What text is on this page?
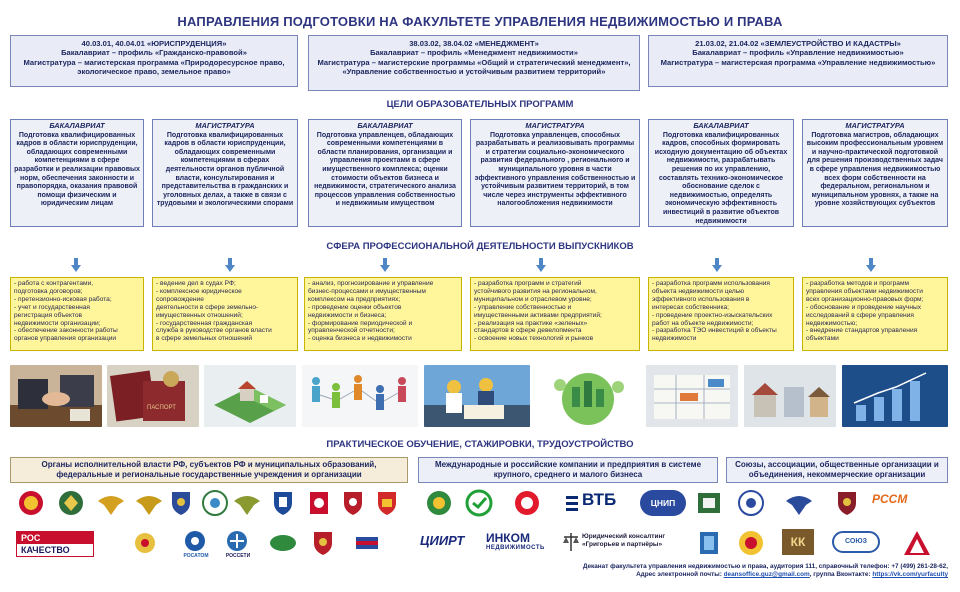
НАПРАВЛЕНИЯ ПОДГОТОВКИ НА ФАКУЛЬТЕТЕ УПРАВЛЕНИЯ НЕДВИЖИМОСТЬЮ И ПРАВА
40.03.01, 40.04.01 «ЮРИСПРУДЕНЦИЯ»
Бакалавриат – профиль «Гражданско-правовой»
Магистратура – магистерская программа «Природоресурсное право, экологическое право, земельное право»
38.03.02, 38.04.02 «МЕНЕДЖМЕНТ»
Бакалавриат – профиль «Менеджмент недвижимости»
Магистратура – магистерские программы «Общий и стратегический менеджмент», «Управление собственностью и устойчивым развитием территорий»
21.03.02, 21.04.02 «ЗЕМЛЕУСТРОЙСТВО И КАДАСТРЫ»
Бакалавриат – профиль «Управление недвижимостью»
Магистратура – магистерская программа «Управление недвижимостью»
ЦЕЛИ ОБРАЗОВАТЕЛЬНЫХ ПРОГРАММ
БАКАЛАВРИАТ
Подготовка квалифицированных кадров в области юриспруденции, обладающих современными компетенциями в сфере разработки и реализации правовых норм, обеспечения законности и правопорядка, оказания правовой помощи физическим и юридическим лицам
МАГИСТРАТУРА
Подготовка квалифицированных кадров в области юриспруденции, обладающих современными компетенциями в сферах деятельности органов публичной власти, консультирования и представительства в гражданских и уголовных делах, а также в связи с трудовыми и экологическими спорами
БАКАЛАВРИАТ
Подготовка управленцев, обладающих современными компетенциями в области планирования, организации и управления проектами в сфере имущественного комплекса; оценки стоимости объектов бизнеса и недвижимости, стратегического анализа процессов управления собственностью и недвижимым имуществом
МАГИСТРАТУРА
Подготовка управленцев, способных разрабатывать и реализовывать программы и стратегии социально-экономического развития федерального , регионального и муниципального уровня в части эффективного управления собственностью и устойчивым развитием территорий, в том числе через инструменты эффективного налогообложения недвижимости
БАКАЛАВРИАТ
Подготовка квалифицированных кадров, способных формировать исходную документацию об объектах недвижимости, разрабатывать решения по их управлению, составлять технико-экономическое обоснование сделок с недвижимостью, определять экономическую эффективность инвестиций в развитие объектов недвижимости
МАГИСТРАТУРА
Подготовка магистров, обладающих высоким профессиональным уровнем и научно-практической подготовкой для решения производственных задач в сфере управления недвижимостью всех форм собственности на федеральном, региональном и муниципальном уровнях, а также на уровне хозяйствующих субъектов
СФЕРА ПРОФЕССИОНАЛЬНОЙ ДЕЯТЕЛЬНОСТИ ВЫПУСКНИКОВ
- работа с контрагентами,
подготовка договоров;
- претензионно-исковая работа;
- учет и государственная
регистрация объектов
недвижимости организации;
- обеспечение законности работы
органов управления организации
- ведение дел в судах РФ;
- комплексное юридическое
сопровождение
деятельности в сфере земельно-
имущественных отношений;
- государственная гражданская
служба в руководстве органов власти
в сфере земельных отношений
- анализ, прогнозирование и управление
бизнес-процессами и имущественным
комплексом на предприятиях;
- проведение оценки объектов
недвижимости и бизнеса;
- формирование периодической и
управленческой отчетности;
- оценка бизнеса и недвижимости
- разработка программ и стратегий
устойчивого развития на региональном,
муниципальном и отраслевом уровне;
- управление собственностью и
имущественными активами предприятий;
- реализация на практике «зеленых»
стандартов в сфере девелопмента
- освоение новых технологий и рынков
- разработка программ использования
объекта недвижимости целью
эффективного использования в
интересах собственника;
- проведение проектно-изыскательских
работ на объекте недвижимости;
- разработка ТЭО инвестиций в объекты
недвижимости
- разработка методов и программ
управления объектами недвижимости
всех организационно-правовых форм;
- обоснование и проведение научных
исследований в сфере управления
недвижимостью;
- внедрение стандартов управления
объектами
ПАСПОРТ
ПРАКТИЧЕСКОЕ ОБУЧЕНИЕ, СТАЖИРОВКИ, ТРУДОУСТРОЙСТВО
Органы исполнительной власти РФ, субъектов РФ и муниципальных образований, федеральные и региональные государственные учреждения и организации
Международные и российские компании и предприятия в системе крупного, среднего и малого бизнеса
Союзы, ассоциации, общественные организации и объединения, некоммерческие организации
ВТБ	ЦНИП	РССМ
РОС
КАЧЕСТВО
РОСАТОМ	РОССЕТИ
ЦИИРТ ИНКОМ
НЕДВИЖИМОСТЬ
Юридический консалтинг
«Григорьев и партнёры»	КК	СОЮЗ
Деканат факультета управления недвижимостью и права, аудитория 111, справочный телефон: +7 (499) 261-28-62,
Адрес электронной почты: deansoffice.guz@gmail.com, группа Вконтакте: https://vk.com/yurfaculty
